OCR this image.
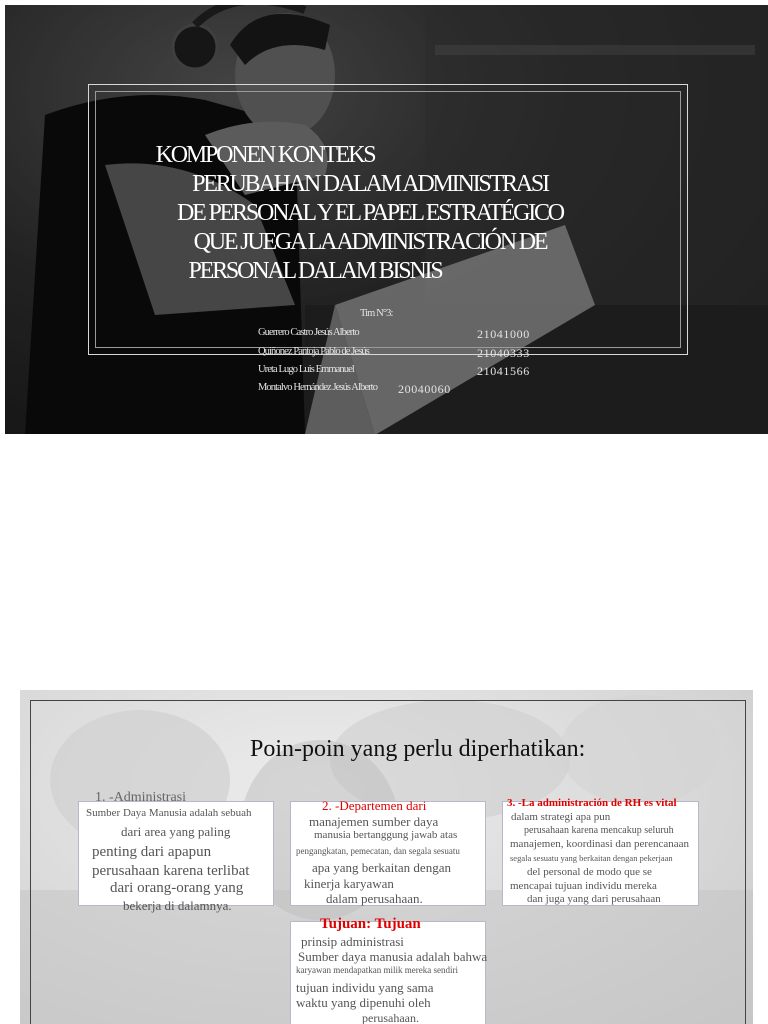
KOMPONEN KONTEKS
PERUBAHAN DALAM ADMINISTRASI
DE PERSONAL Y EL PAPEL ESTRATÉGICO
QUE JUEGA LA ADMINISTRACIÓN DE
PERSONAL DALAM BISNIS
Tim N°3:
Guerrero Castro Jesús Alberto	21041000
Quiñonez Pantoja Pablo de Jesús	21040333
Ureta Lugo Luis Emmanuel	21041566
Montalvo Hernández Jesús Alberto 20040060
Poin-poin yang perlu diperhatikan:
1. -Administrasi
Sumber Daya Manusia adalah sebuah
dari area yang paling
penting dari apapun
perusahaan karena terlibat
dari orang-orang yang
bekerja di dalamnya.
2. -Departemen dari
manajemen sumber daya
manusia bertanggung jawab atas
pengangkatan, pemecatan, dan segala sesuatu
apa yang berkaitan dengan
kinerja karyawan
dalam perusahaan.
3. -La administración de RH es vital
dalam strategi apa pun
perusahaan karena mencakup seluruh
manajemen, koordinasi dan perencanaan
segala sesuatu yang berkaitan dengan pekerjaan
del personal de modo que se
mencapai tujuan individu mereka
dan juga yang dari perusahaan
Tujuan: Tujuan
prinsip administrasi
Sumber daya manusia adalah bahwa
karyawan mendapatkan milik mereka sendiri
tujuan individu yang sama
waktu yang dipenuhi oleh
perusahaan.
